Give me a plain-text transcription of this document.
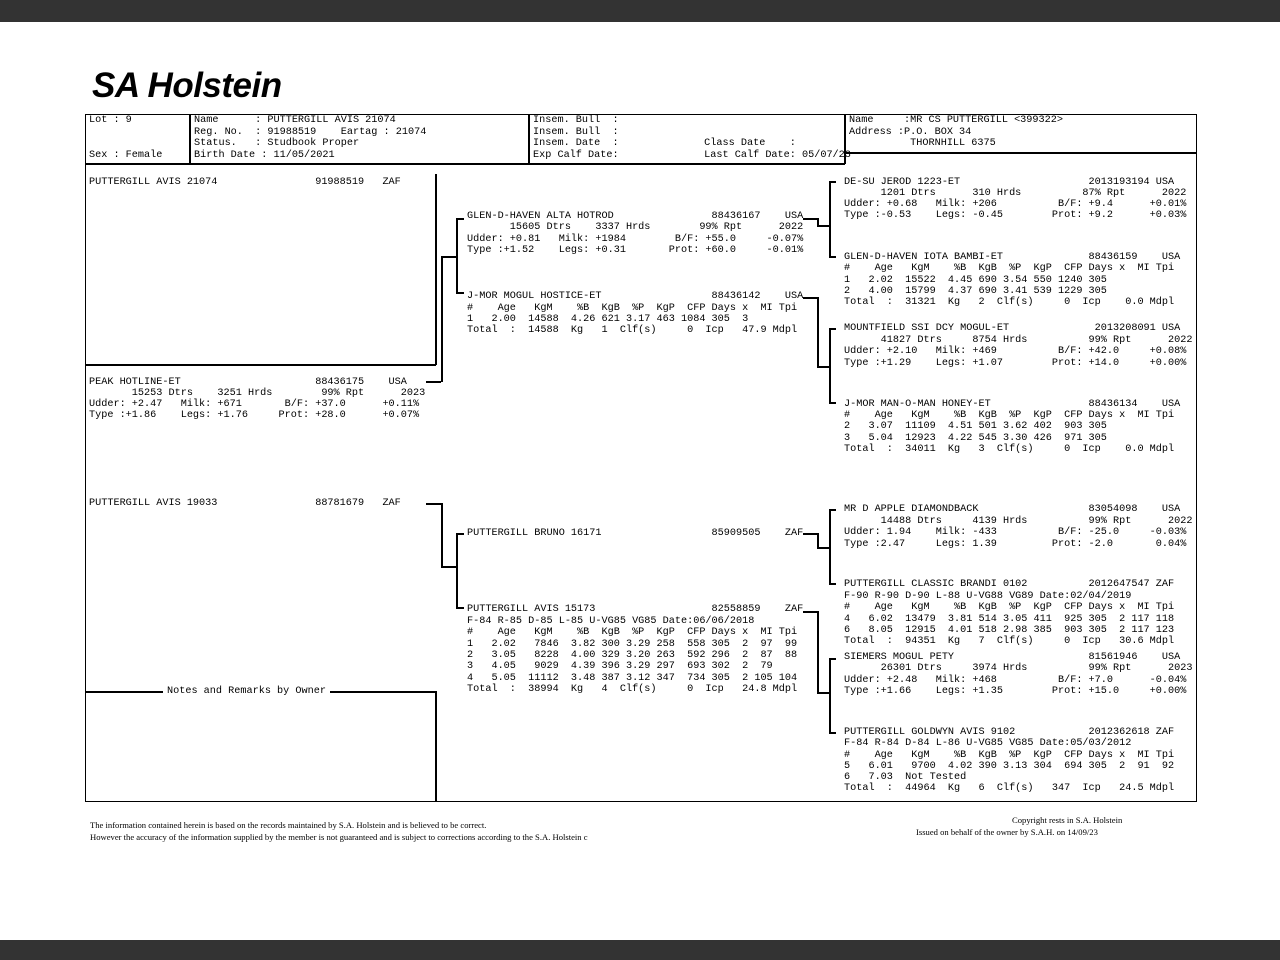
SA Holstein
Lot : 9
Sex : Female
Name      : PUTTERGILL AVIS 21074
Reg. No.  : 91988519    Eartag : 21074
Status.   : Studbook Proper
Birth Date : 11/05/2021
Insem. Bull  :
Insem. Bull  :
Insem. Date  :              Class Date    :
Exp Calf Date:              Last Calf Date: 05/07/23
Name     :MR CS PUTTERGILL <399322>
Address :P.O. BOX 34
THORNHILL 6375
PUTTERGILL AVIS 21074                91988519   ZAF
PEAK HOTLINE-ET                      88436175    USA
15253 Dtrs    3251 Hrds        99% Rpt      2023
Udder: +2.47   Milk: +671       B/F: +37.0      +0.11%
Type :+1.86    Legs: +1.76     Prot: +28.0      +0.07%
PUTTERGILL AVIS 19033                88781679   ZAF
Notes and Remarks by Owner
GLEN-D-HAVEN ALTA HOTROD                88436167    USA
15605 Dtrs    3337 Hrds        99% Rpt      2022
Udder: +0.81   Milk: +1984        B/F: +55.0     -0.07%
Type :+1.52    Legs: +0.31       Prot: +60.0     -0.01%
J-MOR MOGUL HOSTICE-ET                  88436142    USA
#    Age   KgM    %B  KgB  %P  KgP  CFP Days x  MI Tpi
1   2.00  14588  4.26 621 3.17 463 1084 305  3
Total  :  14588  Kg   1  Clf(s)     0  Icp   47.9 Mdpl
PUTTERGILL BRUNO 16171                  85909505    ZAF
PUTTERGILL AVIS 15173                   82558859    ZAF
F-84 R-85 D-85 L-85 U-VG85 VG85 Date:06/06/2018
#    Age   KgM    %B  KgB  %P  KgP  CFP Days x  MI Tpi
1   2.02   7846  3.82 300 3.29 258  558 305  2  97  99
2   3.05   8228  4.00 329 3.20 263  592 296  2  87  88
3   4.05   9029  4.39 396 3.29 297  693 302  2  79
4   5.05  11112  3.48 387 3.12 347  734 305  2 105 104
Total  :  38994  Kg   4  Clf(s)     0  Icp   24.8 Mdpl
DE-SU JEROD 1223-ET                     2013193194 USA
1201 Dtrs      310 Hrds          87% Rpt      2022
Udder: +0.68   Milk: +206          B/F: +9.4      +0.01%
Type :-0.53    Legs: -0.45        Prot: +9.2      +0.03%
GLEN-D-HAVEN IOTA BAMBI-ET              88436159    USA
#    Age   KgM    %B  KgB  %P  KgP  CFP Days x  MI Tpi
1   2.02  15522  4.45 690 3.54 550 1240 305
2   4.00  15799  4.37 690 3.41 539 1229 305
Total  :  31321  Kg   2  Clf(s)     0  Icp    0.0 Mdpl
MOUNTFIELD SSI DCY MOGUL-ET              2013208091 USA
41827 Dtrs     8754 Hrds          99% Rpt      2022
Udder: +2.10   Milk: +469          B/F: +42.0     +0.08%
Type :+1.29    Legs: +1.07        Prot: +14.0     +0.00%
J-MOR MAN-O-MAN HONEY-ET                88436134    USA
#    Age   KgM    %B  KgB  %P  KgP  CFP Days x  MI Tpi
2   3.07  11109  4.51 501 3.62 402  903 305
3   5.04  12923  4.22 545 3.30 426  971 305
Total  :  34011  Kg   3  Clf(s)     0  Icp    0.0 Mdpl
MR D APPLE DIAMONDBACK                  83054098    USA
14488 Dtrs     4139 Hrds          99% Rpt      2022
Udder: 1.94    Milk: -433          B/F: -25.0     -0.03%
Type :2.47     Legs: 1.39         Prot: -2.0       0.04%
PUTTERGILL CLASSIC BRANDI 0102          2012647547 ZAF
F-90 R-90 D-90 L-88 U-VG88 VG89 Date:02/04/2019
#    Age   KgM    %B  KgB  %P  KgP  CFP Days x  MI Tpi
4   6.02  13479  3.81 514 3.05 411  925 305  2 117 118
6   8.05  12915  4.01 518 2.98 385  903 305  2 117 123
Total  :  94351  Kg   7  Clf(s)     0  Icp   30.6 Mdpl
SIEMERS MOGUL PETY                      81561946    USA
26301 Dtrs     3974 Hrds          99% Rpt      2023
Udder: +2.48   Milk: +468          B/F: +7.0      -0.04%
Type :+1.66    Legs: +1.35        Prot: +15.0     +0.00%
PUTTERGILL GOLDWYN AVIS 9102            2012362618 ZAF
F-84 R-84 D-84 L-86 U-VG85 VG85 Date:05/03/2012
#    Age   KgM    %B  KgB  %P  KgP  CFP Days x  MI Tpi
5   6.01   9700  4.02 390 3.13 304  694 305  2  91  92
6   7.03  Not Tested
Total  :  44964  Kg   6  Clf(s)   347  Icp   24.5 Mdpl
The information contained herein is based on the records maintained by S.A. Holstein and is believed to be correct.
However the accuracy of the information supplied by the member is not guaranteed and is subject to corrections according to the S.A. Holstein c
Copyright rests in S.A. Holstein
Issued on behalf of the owner by S.A.H. on 14/09/23
